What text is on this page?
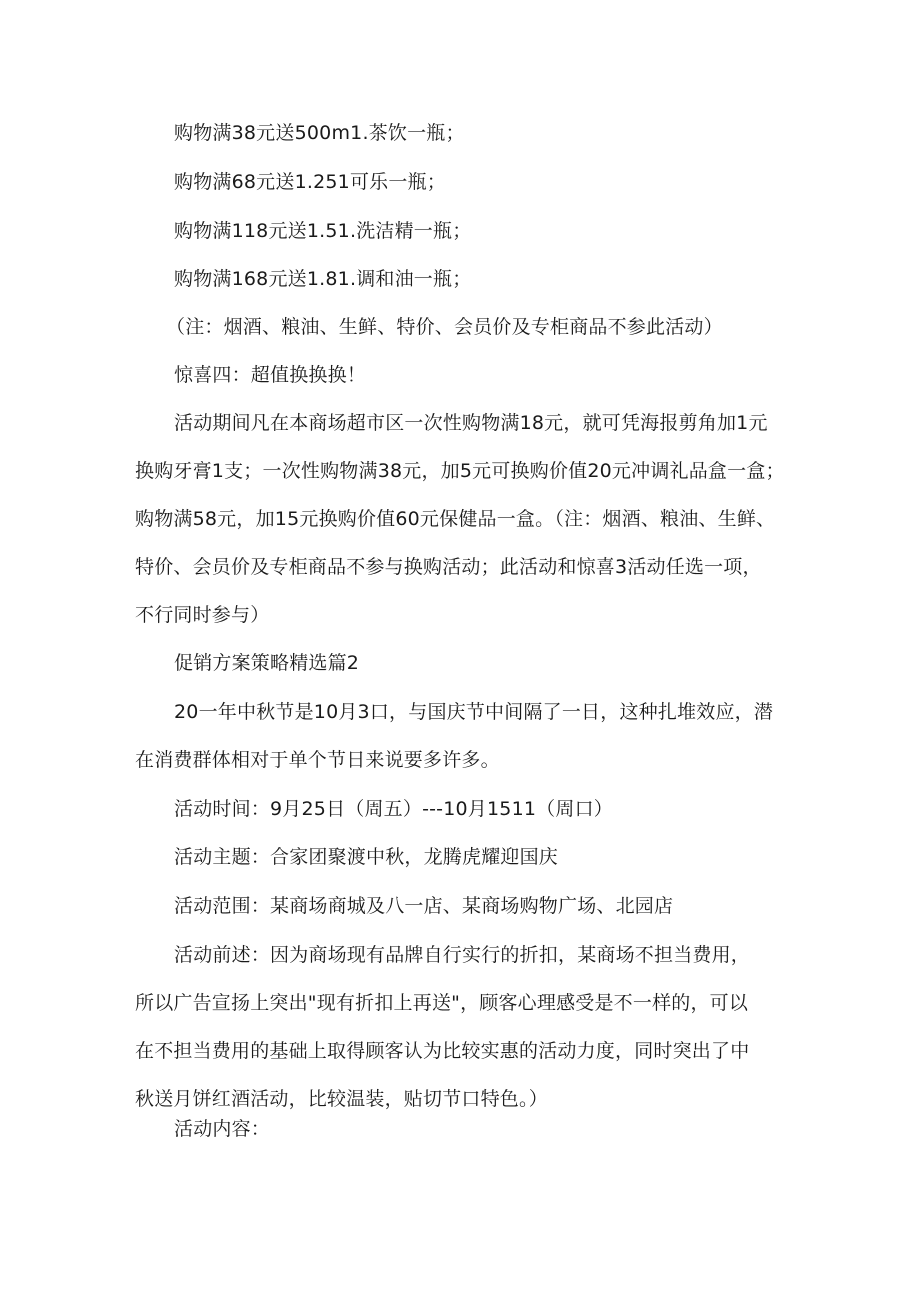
购物满38元送500m1.茶饮一瓶；

购物满68元送1.251可乐一瓶；

购物满118元送1.51.洗洁精一瓶；

购物满168元送1.81.调和油一瓶；

（注：烟酒、粮油、生鲜、特价、会员价及专柜商品不参此活动）

惊喜四：超值换换换！

活动期间凡在本商场超市区一次性购物满18元，就可凭海报剪角加1元

换购牙膏1支；一次性购物满38元，加5元可换购价值20元冲调礼品盒一盒；

购物满58元，加15元换购价值60元保健品一盒。（注：烟酒、粮油、生鲜、

特价、会员价及专柜商品不参与换购活动；此活动和惊喜3活动任选一项，

不行同时参与）

促销方案策略精选篇2

20一年中秋节是10月3口，与国庆节中间隔了一日，这种扎堆效应，潜

在消费群体相对于单个节日来说要多许多。

活动时间：9月25日（周五）---10月1511（周口）

活动主题：合家团聚渡中秋，龙腾虎耀迎国庆

活动范围：某商场商城及八一店、某商场购物广场、北园店

活动前述：因为商场现有品牌自行实行的折扣，某商场不担当费用，

所以广告宣扬上突出"现有折扣上再送"，顾客心理感受是不一样的，可以

在不担当费用的基础上取得顾客认为比较实惠的活动力度，同时突出了中

秋送月饼红酒活动，比较温装，贴切节口特色。）

活动内容：
